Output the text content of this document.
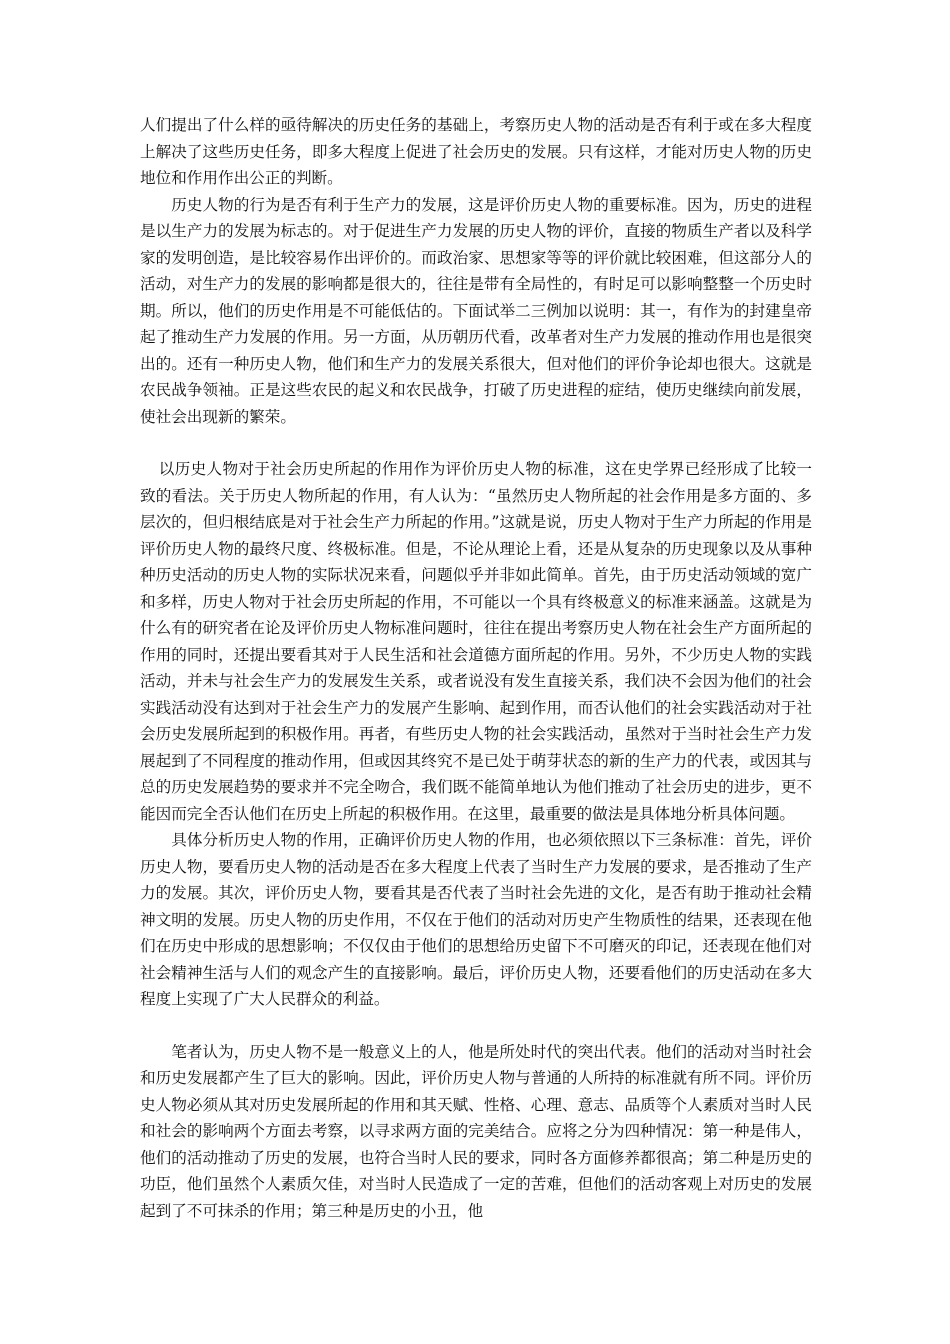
人们提出了什么样的亟待解决的历史任务的基础上，考察历史人物的活动是否有利于或在多大程度上解决了这些历史任务，即多大程度上促进了社会历史的发展。只有这样，才能对历史人物的历史地位和作用作出公正的判断。

历史人物的行为是否有利于生产力的发展，这是评价历史人物的重要标准。因为，历史的进程是以生产力的发展为标志的。对于促进生产力发展的历史人物的评价，直接的物质生产者以及科学家的发明创造，是比较容易作出评价的。而政治家、思想家等等的评价就比较困难，但这部分人的活动，对生产力的发展的影响都是很大的，往往是带有全局性的，有时足可以影响整整一个历史时期。所以，他们的历史作用是不可能低估的。下面试举二三例加以说明：其一，有作为的封建皇帝起了推动生产力发展的作用。另一方面，从历朝历代看，改革者对生产力发展的推动作用也是很突出的。还有一种历史人物，他们和生产力的发展关系很大，但对他们的评价争论却也很大。这就是农民战争领袖。正是这些农民的起义和农民战争，打破了历史进程的症结，使历史继续向前发展，使社会出现新的繁荣。

以历史人物对于社会历史所起的作用作为评价历史人物的标准，这在史学界已经形成了比较一致的看法。关于历史人物所起的作用，有人认为：“虽然历史人物所起的社会作用是多方面的、多层次的，但归根结底是对于社会生产力所起的作用。”这就是说，历史人物对于生产力所起的作用是评价历史人物的最终尺度、终极标准。但是，不论从理论上看，还是从复杂的历史现象以及从事种种历史活动的历史人物的实际状况来看，问题似乎并非如此简单。首先，由于历史活动领域的宽广和多样，历史人物对于社会历史所起的作用，不可能以一个具有终极意义的标准来涵盖。这就是为什么有的研究者在论及评价历史人物标准问题时，往往在提出考察历史人物在社会生产方面所起的作用的同时，还提出要看其对于人民生活和社会道德方面所起的作用。另外，不少历史人物的实践活动，并未与社会生产力的发展发生关系，或者说没有发生直接关系，我们决不会因为他们的社会实践活动没有达到对于社会生产力的发展产生影响、起到作用，而否认他们的社会实践活动对于社会历史发展所起到的积极作用。再者，有些历史人物的社会实践活动，虽然对于当时社会生产力发展起到了不同程度的推动作用，但或因其终究不是已处于萌芽状态的新的生产力的代表，或因其与总的历史发展趋势的要求并不完全吻合，我们既不能简单地认为他们推动了社会历史的进步，更不能因而完全否认他们在历史上所起的积极作用。在这里，最重要的做法是具体地分析具体问题。

具体分析历史人物的作用，正确评价历史人物的作用，也必须依照以下三条标准：首先，评价历史人物，要看历史人物的活动是否在多大程度上代表了当时生产力发展的要求，是否推动了生产力的发展。其次，评价历史人物，要看其是否代表了当时社会先进的文化，是否有助于推动社会精神文明的发展。历史人物的历史作用，不仅在于他们的活动对历史产生物质性的结果，还表现在他们在历史中形成的思想影响；不仅仅由于他们的思想给历史留下不可磨灭的印记，还表现在他们对社会精神生活与人们的观念产生的直接影响。最后，评价历史人物，还要看他们的历史活动在多大程度上实现了广大人民群众的利益。

笔者认为，历史人物不是一般意义上的人，他是所处时代的突出代表。他们的活动对当时社会和历史发展都产生了巨大的影响。因此，评价历史人物与普通的人所持的标准就有所不同。评价历史人物必须从其对历史发展所起的作用和其天赋、性格、心理、意志、品质等个人素质对当时人民和社会的影响两个方面去考察，以寻求两方面的完美结合。应将之分为四种情况：第一种是伟人，他们的活动推动了历史的发展，也符合当时人民的要求，同时各方面修养都很高；第二种是历史的功臣，他们虽然个人素质欠佳，对当时人民造成了一定的苦难，但他们的活动客观上对历史的发展起到了不可抹杀的作用；第三种是历史的小丑，他
